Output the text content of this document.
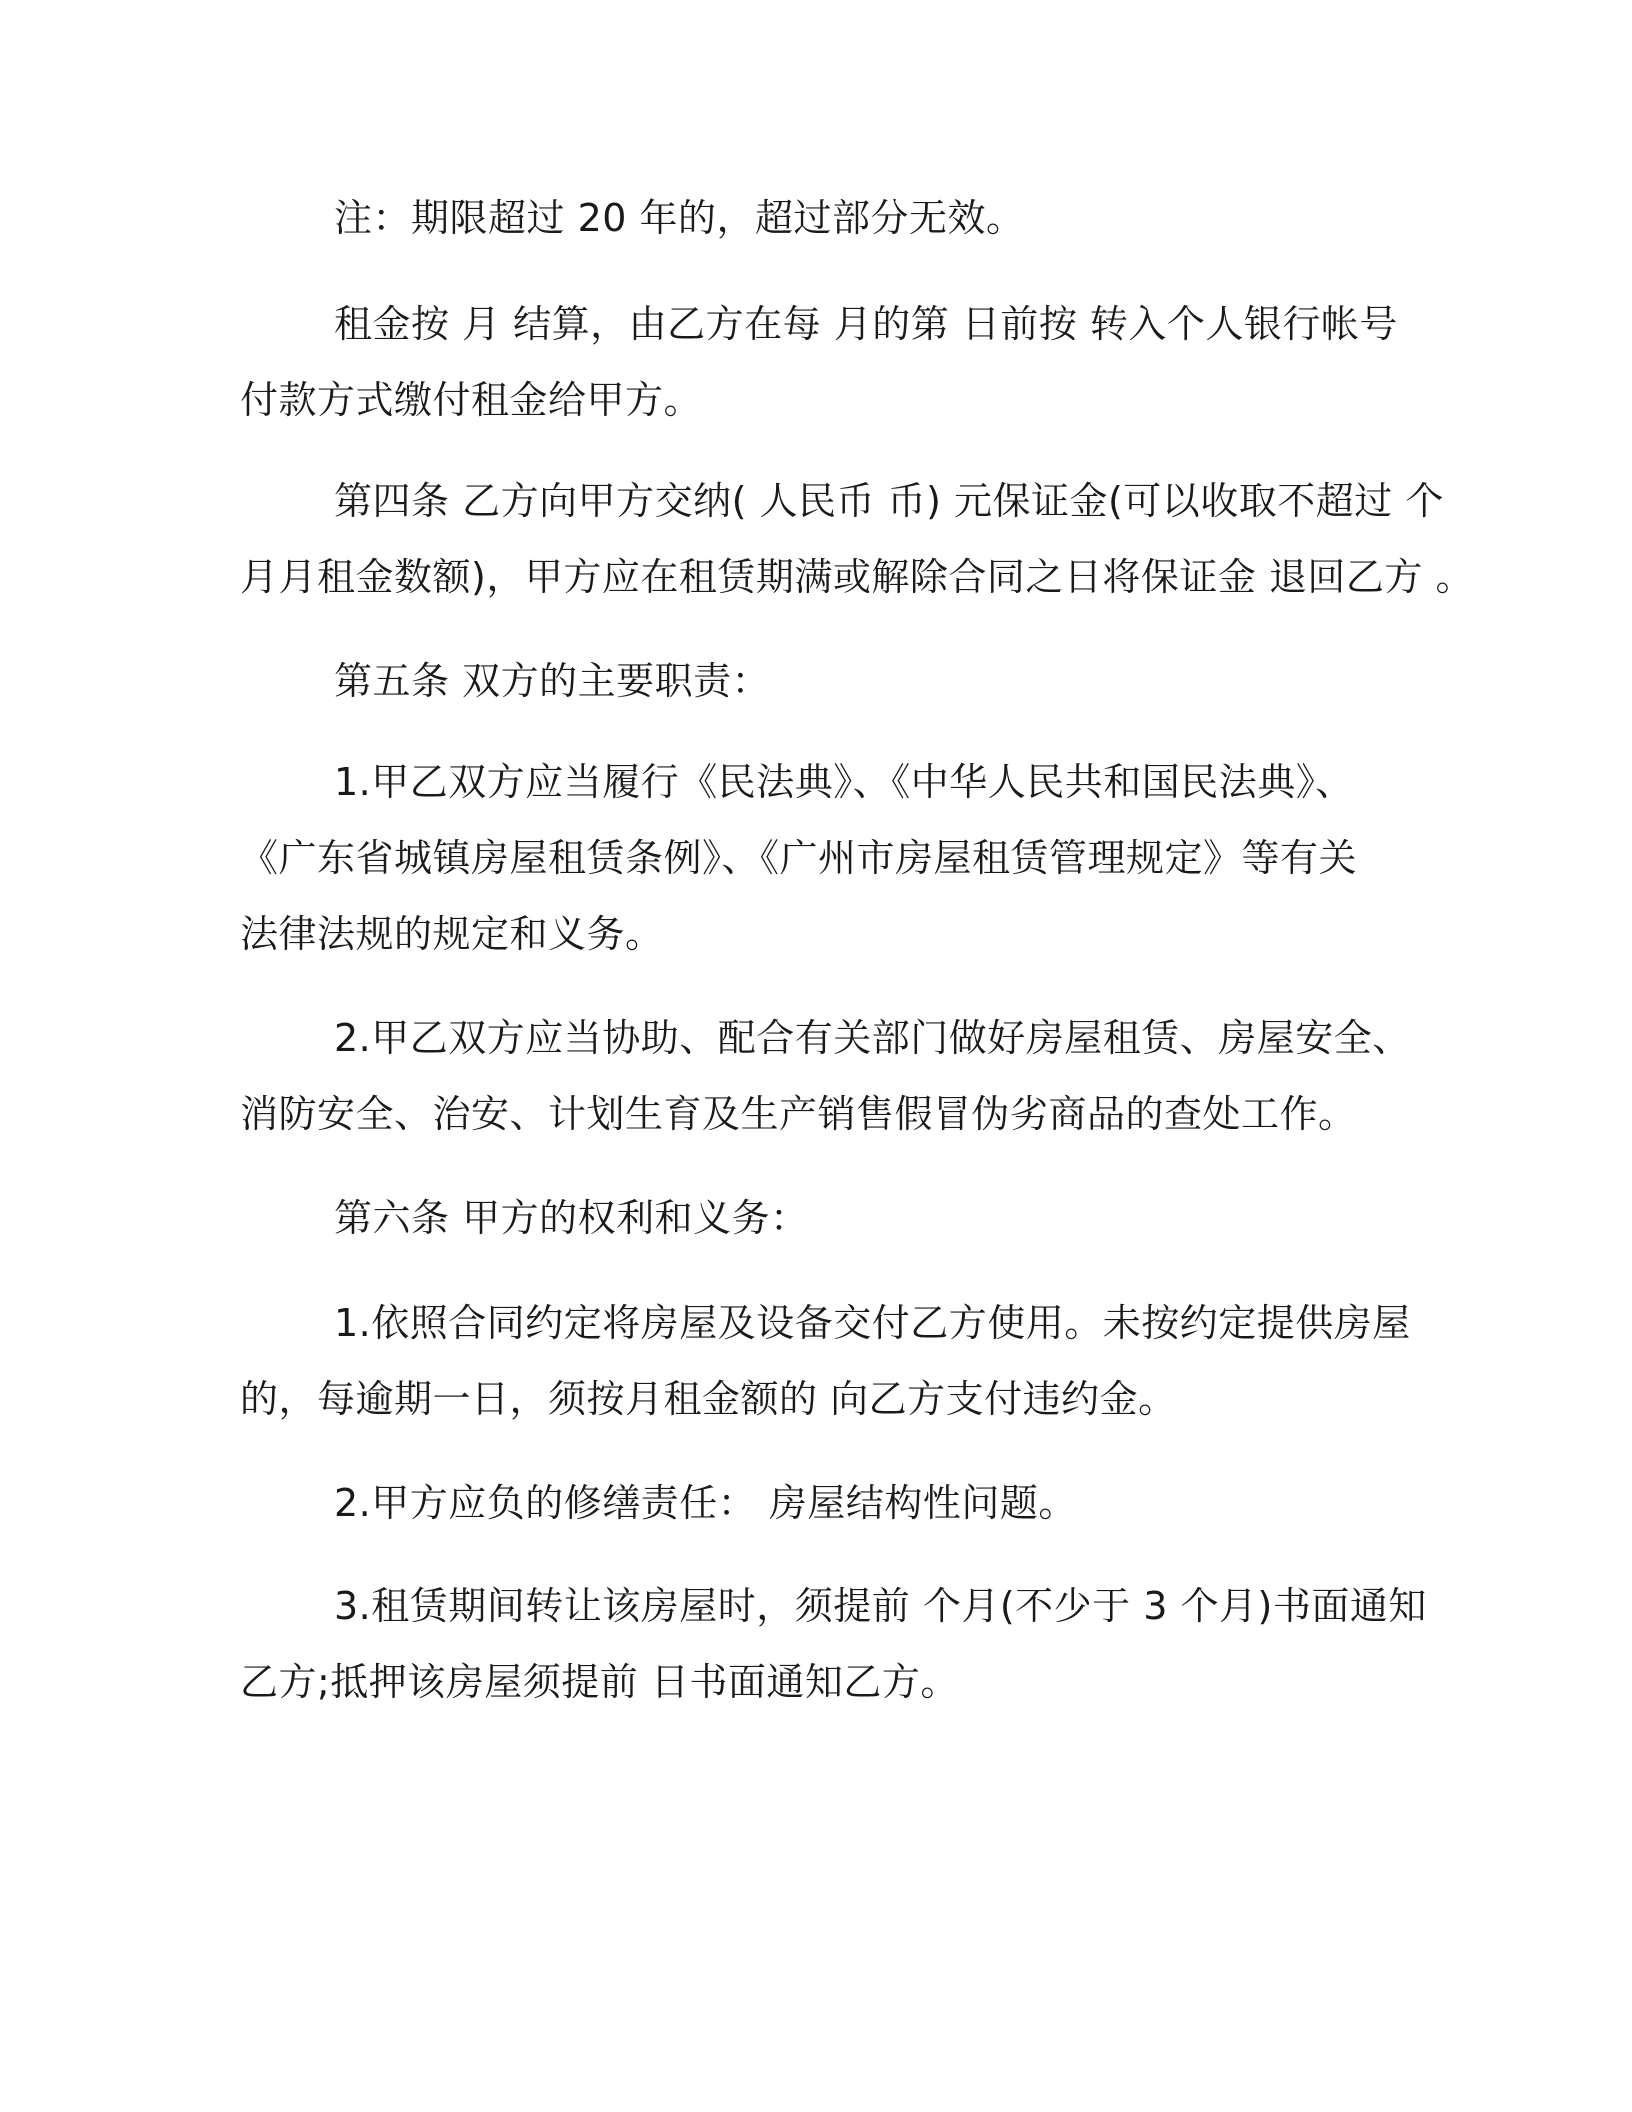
注：期限超过 20 年的，超过部分无效。
租金按 月 结算，由乙方在每 月的第 日前按 转入个人银行帐号
付款方式缴付租金给甲方。
第四条 乙方向甲方交纳( 人民币 币) 元保证金(可以收取不超过 个
月月租金数额)，甲方应在租赁期满或解除合同之日将保证金 退回乙方 。
第五条 双方的主要职责：
1.甲乙双方应当履行《民法典》、《中华人民共和国民法典》、
《广东省城镇房屋租赁条例》、《广州市房屋租赁管理规定》等有关
法律法规的规定和义务。
2.甲乙双方应当协助、配合有关部门做好房屋租赁、房屋安全、
消防安全、治安、计划生育及生产销售假冒伪劣商品的查处工作。
第六条 甲方的权利和义务：
1.依照合同约定将房屋及设备交付乙方使用。未按约定提供房屋
的，每逾期一日，须按月租金额的 向乙方支付违约金。
2.甲方应负的修缮责任： 房屋结构性问题。
3.租赁期间转让该房屋时，须提前 个月(不少于 3 个月)书面通知
乙方;抵押该房屋须提前 日书面通知乙方。
